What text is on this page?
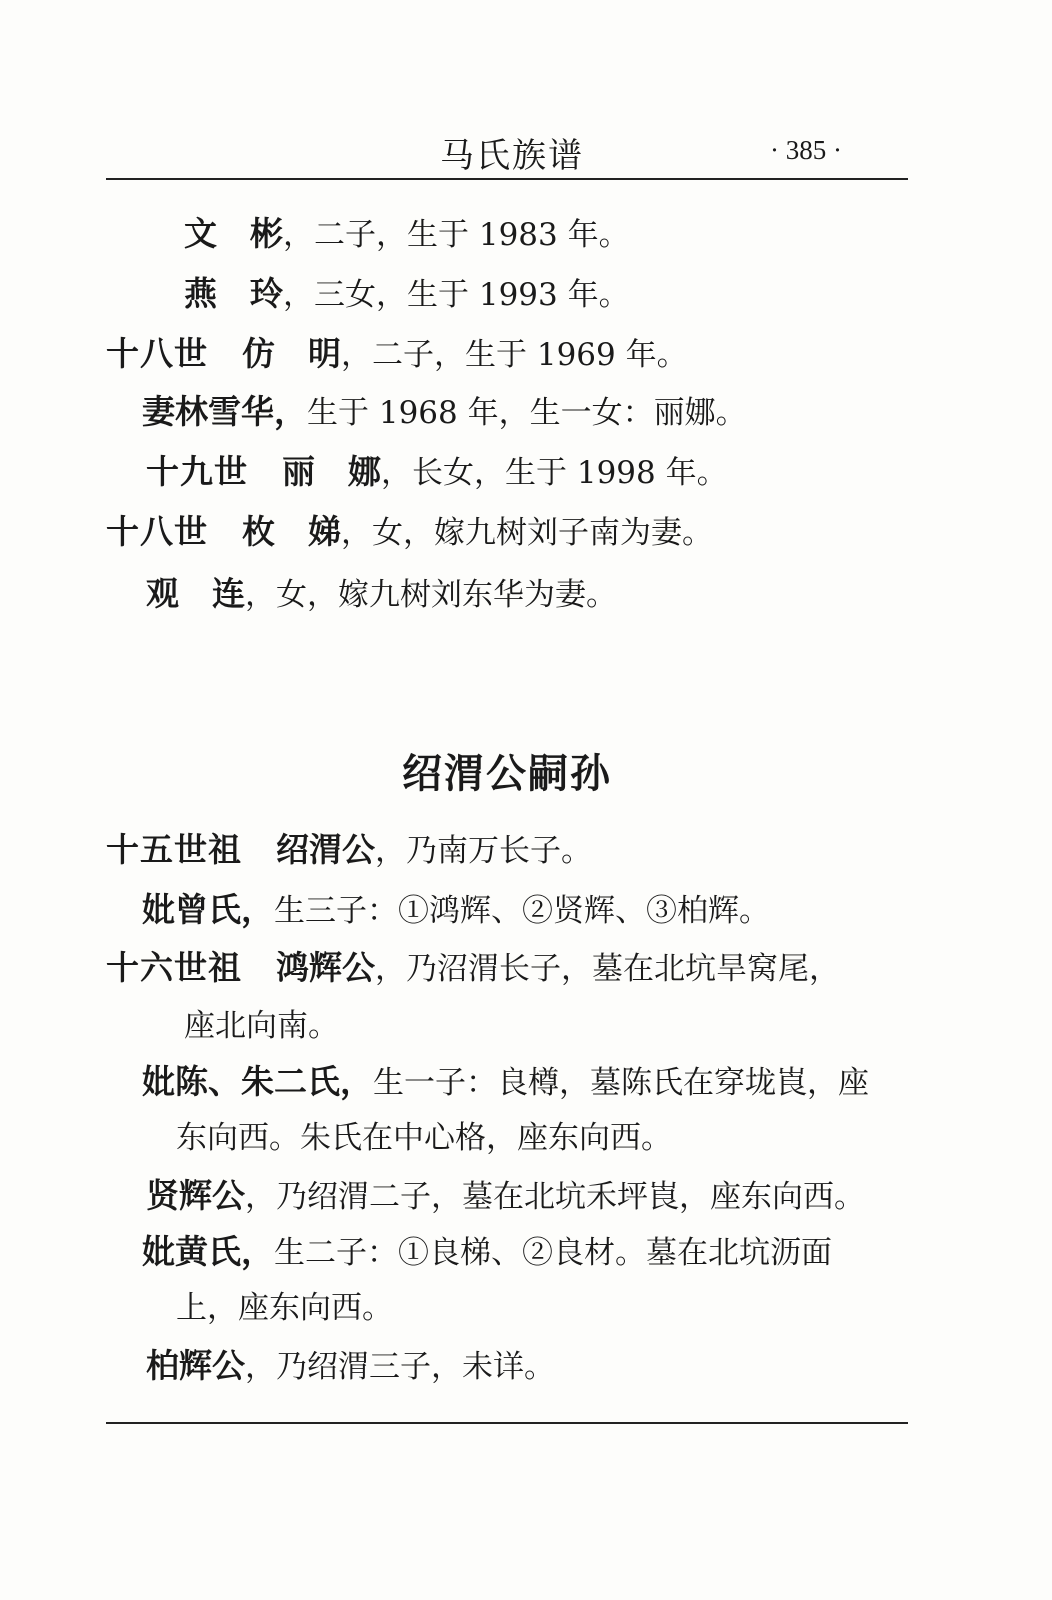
马氏族谱	· 385 ·
文　彬，二子，生于 1983 年。
燕　玲，三女，生于 1993 年。
十八世 仿　明，二子，生于 1969 年。
妻林雪华，生于 1968 年，生一女：丽娜。
十九世 丽　娜，长女，生于 1998 年。
十八世 枚　娣，女，嫁九树刘子南为妻。
观　连，女，嫁九树刘东华为妻。
绍渭公嗣孙
十五世祖 绍渭公，乃南万长子。
妣曾氏，生三子：①鸿辉、②贤辉、③柏辉。
十六世祖 鸿辉公，乃沼渭长子，墓在北坑旱窝尾，
座北向南。
妣陈、朱二氏，生一子：良樽，墓陈氏在穿垅崀，座
东向西。朱氏在中心格，座东向西。
贤辉公，乃绍渭二子，墓在北坑禾坪崀，座东向西。
妣黄氏，生二子：①良梯、②良材。墓在北坑沥面
上，座东向西。
柏辉公，乃绍渭三子，未详。
